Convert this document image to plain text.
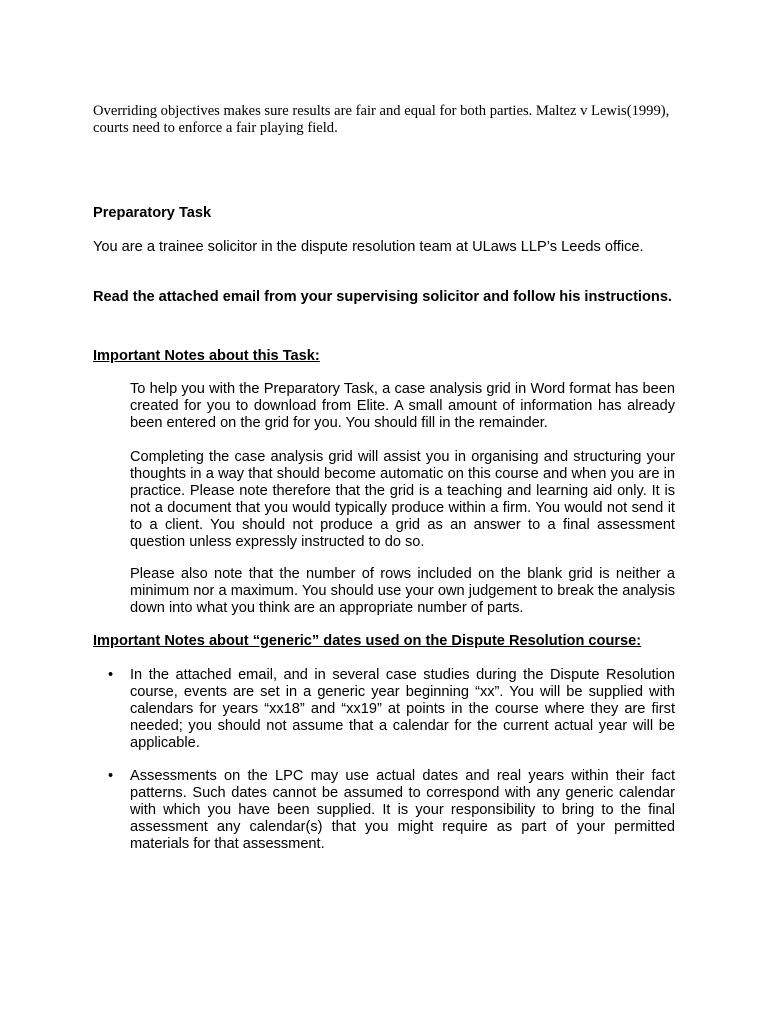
Overriding objectives makes sure results are fair and equal for both parties. Maltez v Lewis(1999), courts need to enforce a fair playing field.

Preparatory Task

You are a trainee solicitor in the dispute resolution team at ULaws LLP’s Leeds office.

Read the attached email from your supervising solicitor and follow his instructions.

Important Notes about this Task:

To help you with the Preparatory Task, a case analysis grid in Word format has been created for you to download from Elite. A small amount of information has already been entered on the grid for you. You should fill in the remainder.

Completing the case analysis grid will assist you in organising and structuring your thoughts in a way that should become automatic on this course and when you are in practice. Please note therefore that the grid is a teaching and learning aid only. It is not a document that you would typically produce within a firm. You would not send it to a client. You should not produce a grid as an answer to a final assessment question unless expressly instructed to do so.

Please also note that the number of rows included on the blank grid is neither a minimum nor a maximum. You should use your own judgement to break the analysis down into what you think are an appropriate number of parts.

Important Notes about “generic” dates used on the Dispute Resolution course:
• In the attached email, and in several case studies during the Dispute Resolution course, events are set in a generic year beginning “xx”. You will be supplied with calendars for years “xx18” and “xx19” at points in the course where they are first needed; you should not assume that a calendar for the current actual year will be applicable.
• Assessments on the LPC may use actual dates and real years within their fact patterns. Such dates cannot be assumed to correspond with any generic calendar with which you have been supplied. It is your responsibility to bring to the final assessment any calendar(s) that you might require as part of your permitted materials for that assessment.
